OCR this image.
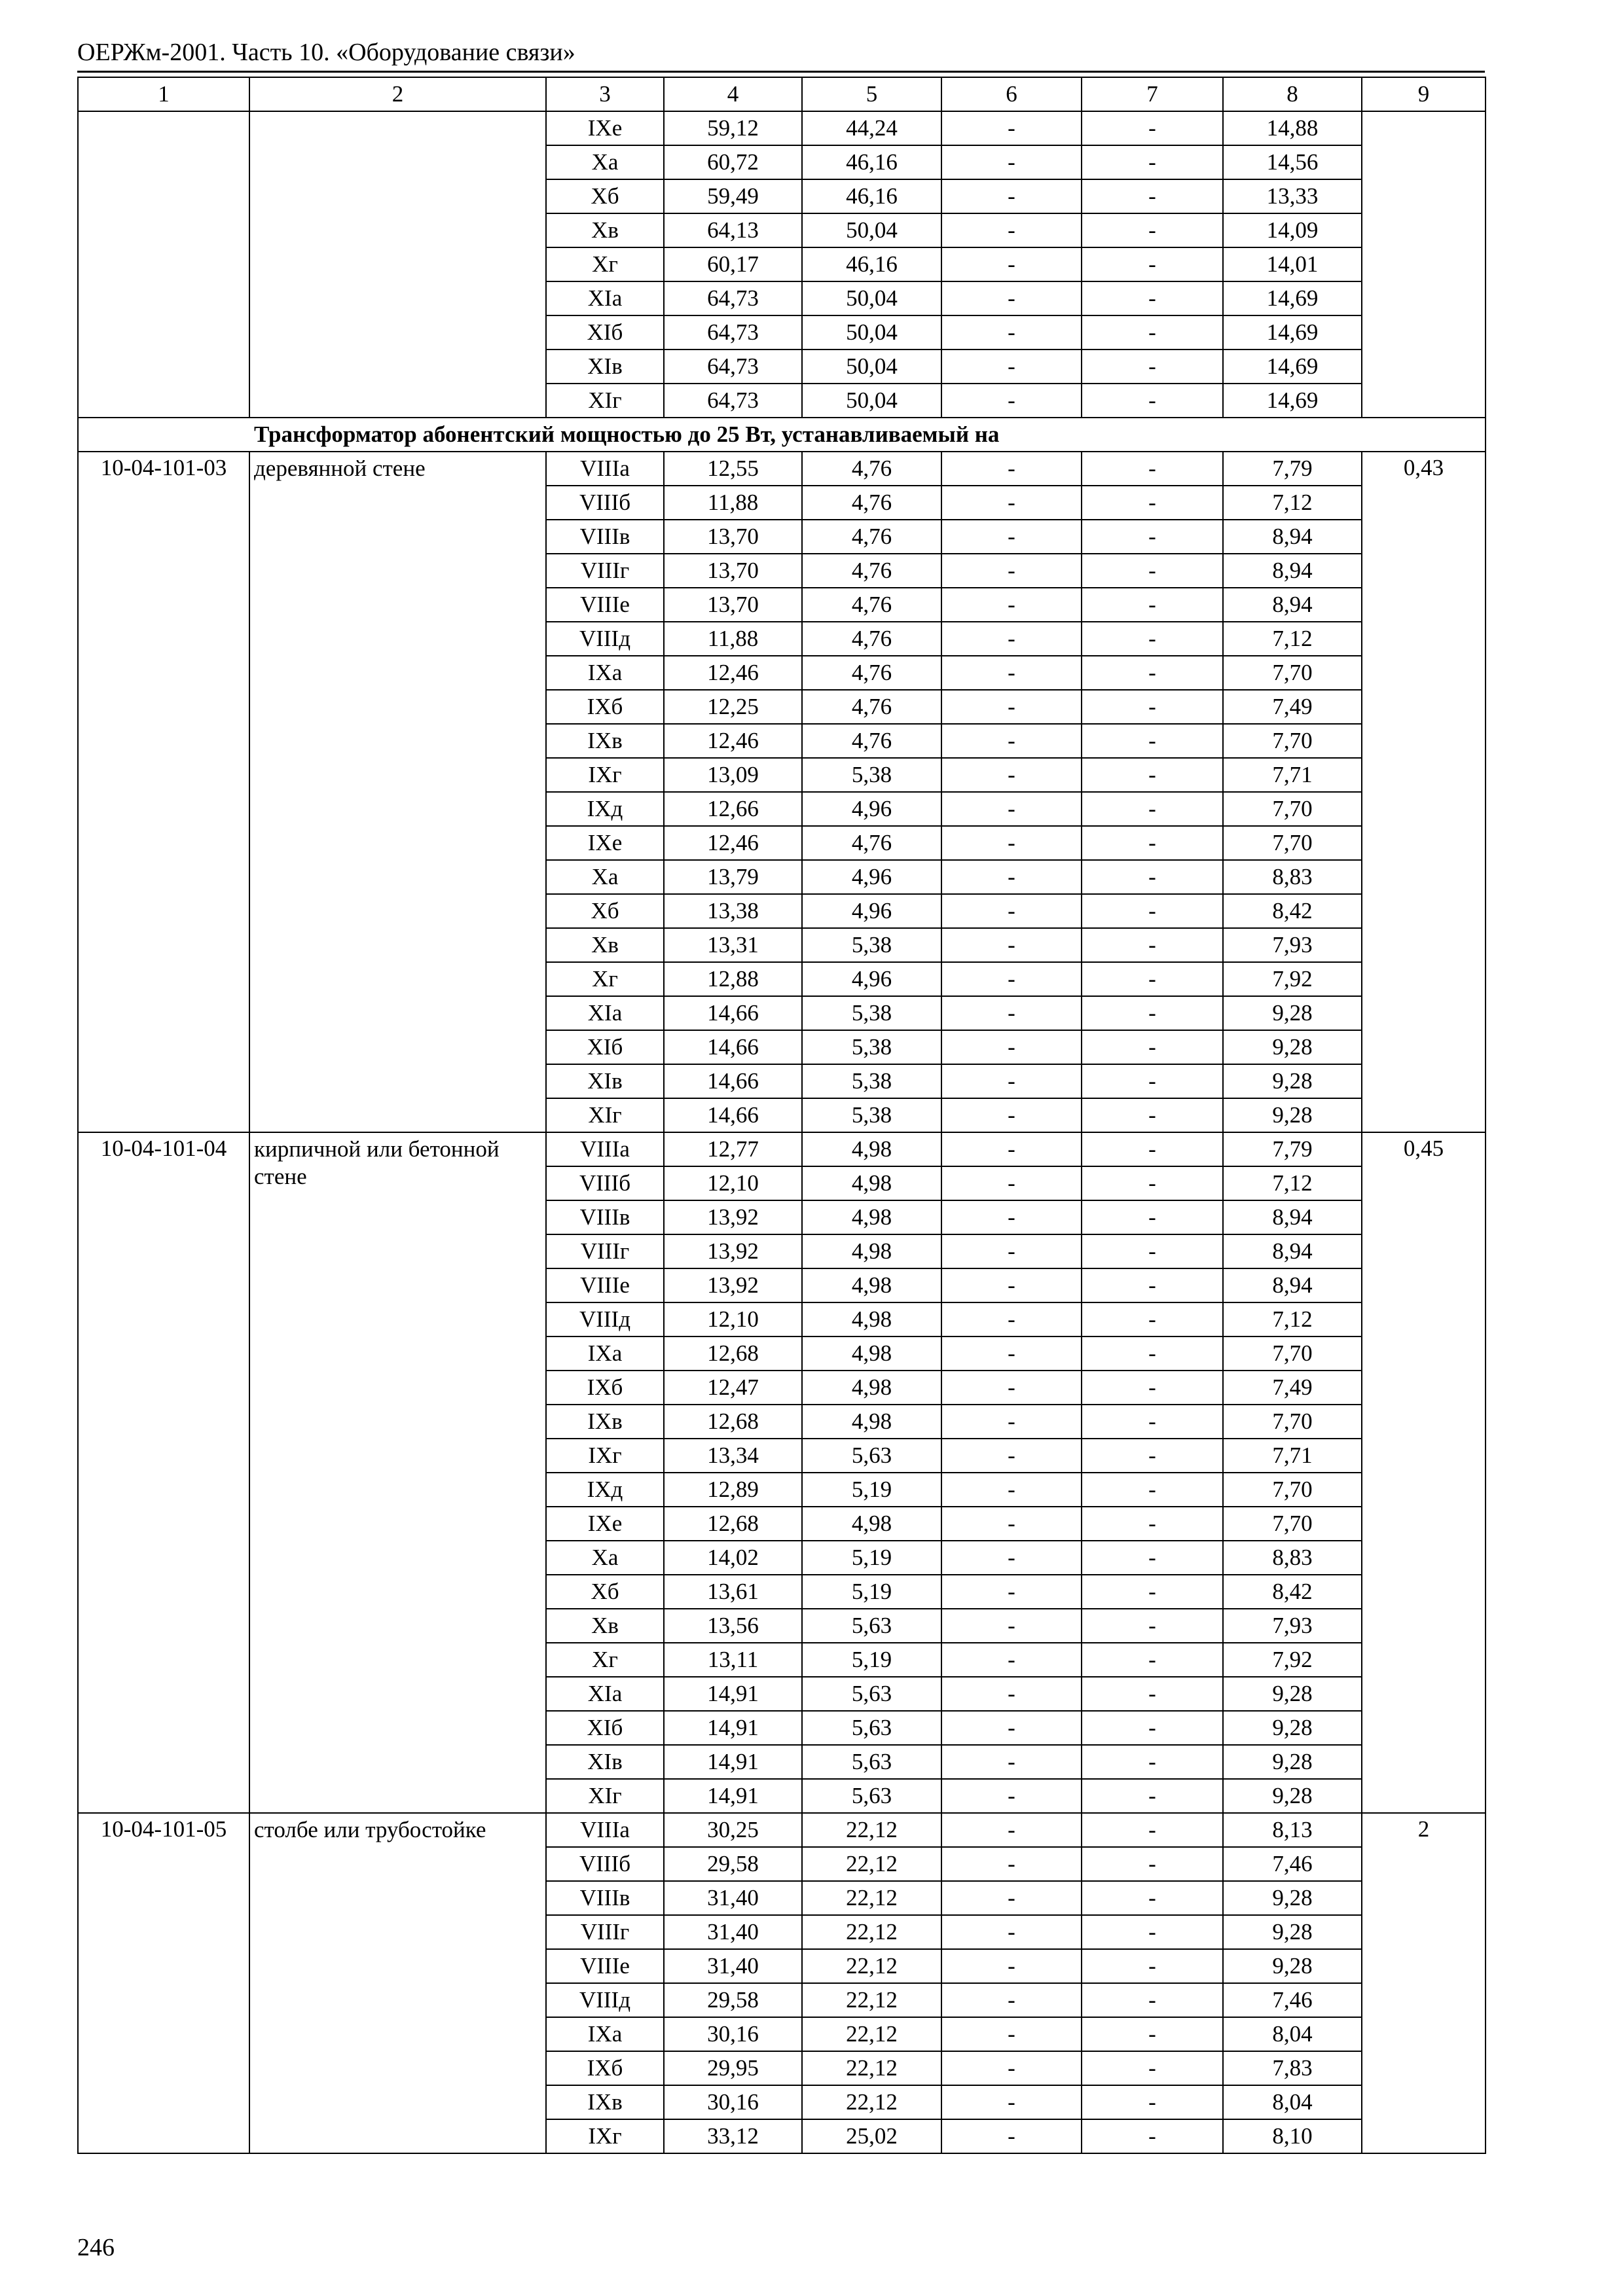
ОЕРЖм-2001. Часть 10. «Оборудование связи»
1	2	3	4	5	6	7	8	9
		IXe	59,12	44,24	-	-	14,88	
		Xa	60,72	46,16	-	-	14,56	
		Xб	59,49	46,16	-	-	13,33	
		Xв	64,13	50,04	-	-	14,09	
		Xг	60,17	46,16	-	-	14,01	
		XIa	64,73	50,04	-	-	14,69	
		XIб	64,73	50,04	-	-	14,69	
		XIв	64,73	50,04	-	-	14,69	
		XIг	64,73	50,04	-	-	14,69	
Трансформатор абонентский мощностью до 25 Вт, устанавливаемый на								
10-04-101-03	деревянной стене	VIIIa	12,55	4,76	-	-	7,79	0,43
		VIIIб	11,88	4,76	-	-	7,12	
		VIIIв	13,70	4,76	-	-	8,94	
		VIIIг	13,70	4,76	-	-	8,94	
		VIIIe	13,70	4,76	-	-	8,94	
		VIIIд	11,88	4,76	-	-	7,12	
		IXa	12,46	4,76	-	-	7,70	
		IXб	12,25	4,76	-	-	7,49	
		IXв	12,46	4,76	-	-	7,70	
		IXг	13,09	5,38	-	-	7,71	
		IXд	12,66	4,96	-	-	7,70	
		IXe	12,46	4,76	-	-	7,70	
		Xa	13,79	4,96	-	-	8,83	
		Xб	13,38	4,96	-	-	8,42	
		Xв	13,31	5,38	-	-	7,93	
		Xг	12,88	4,96	-	-	7,92	
		XIa	14,66	5,38	-	-	9,28	
		XIб	14,66	5,38	-	-	9,28	
		XIв	14,66	5,38	-	-	9,28	
		XIг	14,66	5,38	-	-	9,28	
10-04-101-04	кирпичной или бетонной стене	VIIIa	12,77	4,98	-	-	7,79	0,45
		VIIIб	12,10	4,98	-	-	7,12	
		VIIIв	13,92	4,98	-	-	8,94	
		VIIIг	13,92	4,98	-	-	8,94	
		VIIIe	13,92	4,98	-	-	8,94	
		VIIIд	12,10	4,98	-	-	7,12	
		IXa	12,68	4,98	-	-	7,70	
		IXб	12,47	4,98	-	-	7,49	
		IXв	12,68	4,98	-	-	7,70	
		IXг	13,34	5,63	-	-	7,71	
		IXд	12,89	5,19	-	-	7,70	
		IXe	12,68	4,98	-	-	7,70	
		Xa	14,02	5,19	-	-	8,83	
		Xб	13,61	5,19	-	-	8,42	
		Xв	13,56	5,63	-	-	7,93	
		Xг	13,11	5,19	-	-	7,92	
		XIa	14,91	5,63	-	-	9,28	
		XIб	14,91	5,63	-	-	9,28	
		XIв	14,91	5,63	-	-	9,28	
		XIг	14,91	5,63	-	-	9,28	
10-04-101-05	столбе или трубостойке	VIIIa	30,25	22,12	-	-	8,13	2
		VIIIб	29,58	22,12	-	-	7,46	
		VIIIв	31,40	22,12	-	-	9,28	
		VIIIг	31,40	22,12	-	-	9,28	
		VIIIe	31,40	22,12	-	-	9,28	
		VIIIд	29,58	22,12	-	-	7,46	
		IXa	30,16	22,12	-	-	8,04	
		IXб	29,95	22,12	-	-	7,83	
		IXв	30,16	22,12	-	-	8,04	
		IXг	33,12	25,02	-	-	8,10	
246
